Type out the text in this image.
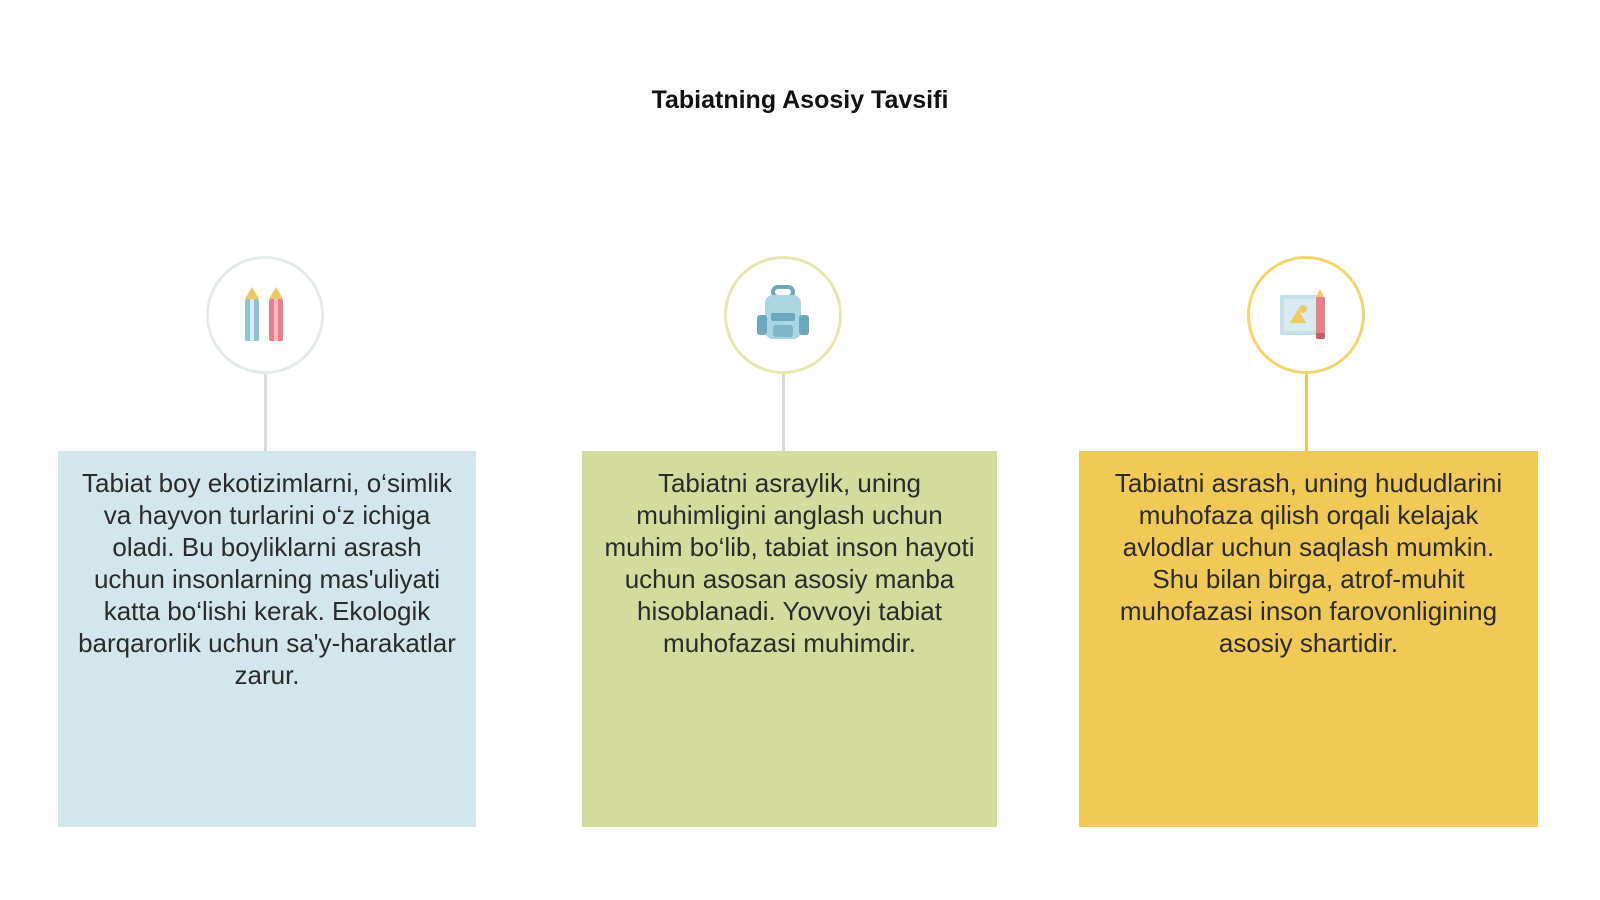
Tabiatning Asosiy Tavsifi
Tabiat boy ekotizimlarni, o‘simlik va hayvon turlarini o‘z ichiga oladi. Bu boyliklarni asrash uchun insonlarning mas'uliyati katta bo‘lishi kerak. Ekologik barqarorlik uchun sa'y-harakatlar zarur.
Tabiatni asraylik, uning muhimligini anglash uchun muhim bo‘lib, tabiat inson hayoti uchun asosan asosiy manba hisoblanadi. Yovvoyi tabiat muhofazasi muhimdir.
Tabiatni asrash, uning hududlarini muhofaza qilish orqali kelajak avlodlar uchun saqlash mumkin. Shu bilan birga, atrof-muhit muhofazasi inson farovonligining asosiy shartidir.
